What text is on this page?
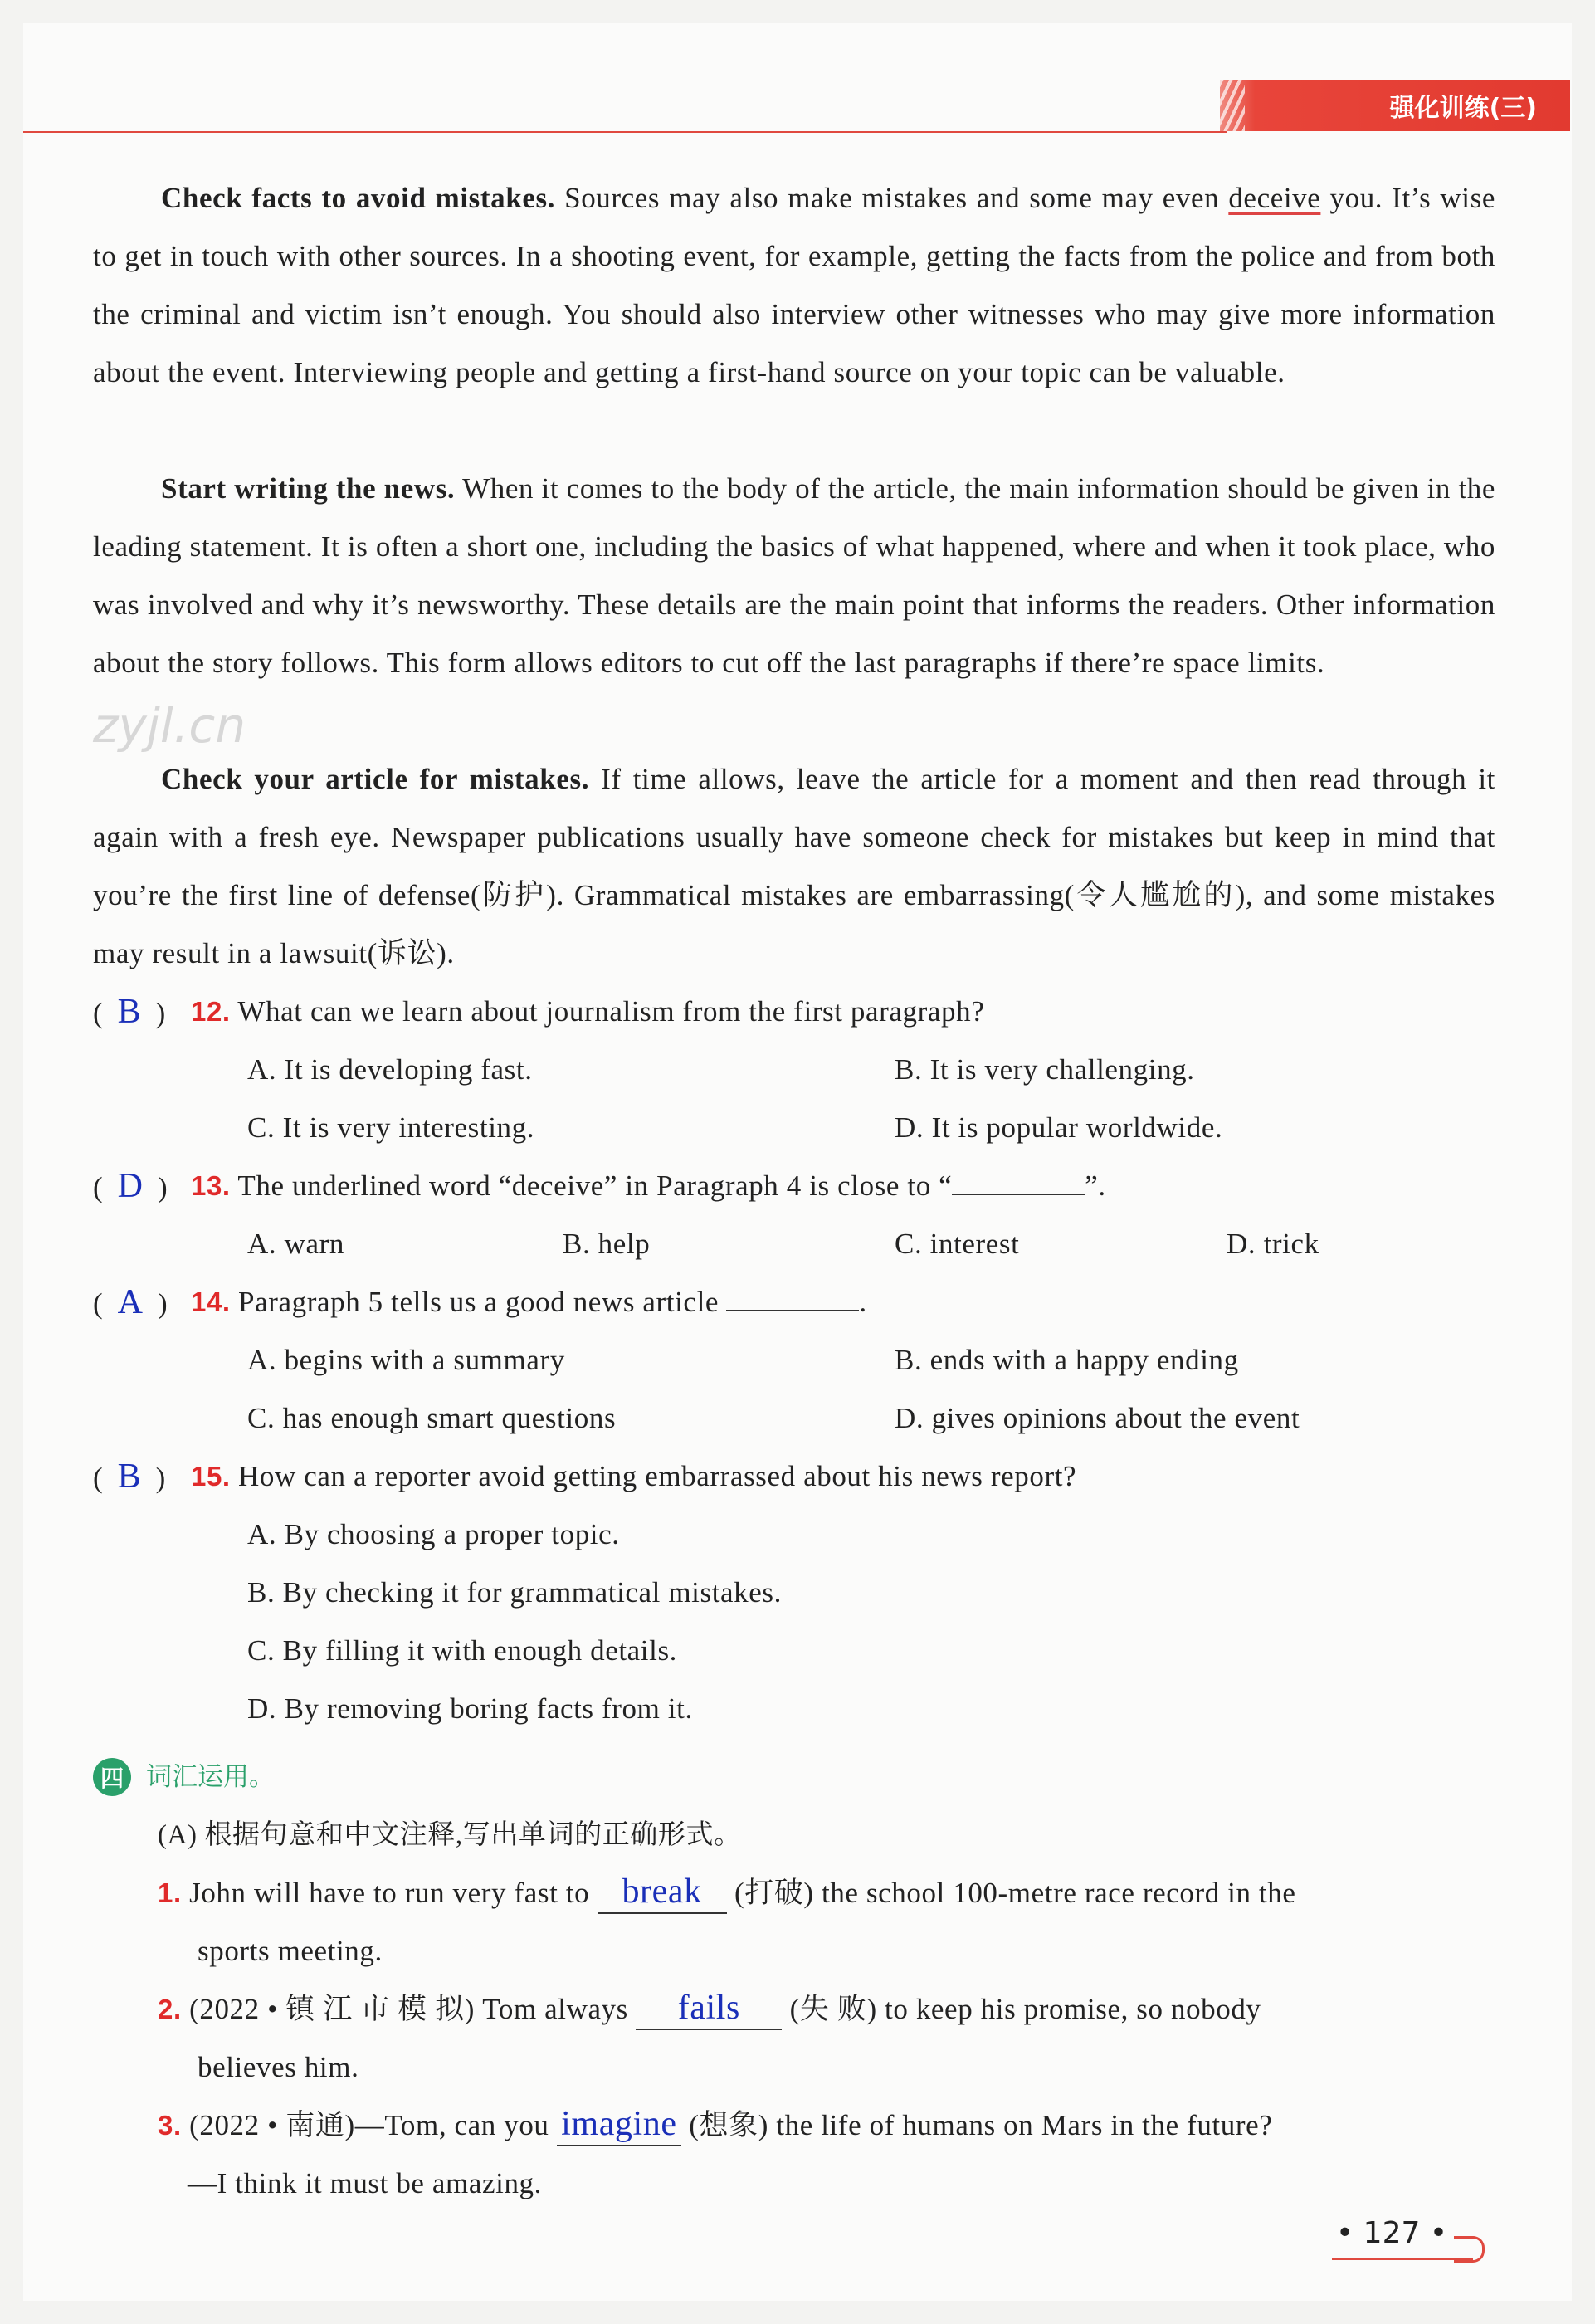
强化训练(三)
Check facts to avoid mistakes. Sources may also make mistakes and some may even deceive you. It’s wise to get in touch with other sources. In a shooting event, for example, getting the facts from the police and from both the criminal and victim isn’t enough. You should also interview other witnesses who may give more information about the event. Interviewing people and getting a first-hand source on your topic can be valuable.
Start writing the news. When it comes to the body of the article, the main information should be given in the leading statement. It is often a short one, including the basics of what happened, where and when it took place, who was involved and why it’s newsworthy. These details are the main point that informs the readers. Other information about the story follows. This form allows editors to cut off the last paragraphs if there’re space limits.
zyjl.cn
Check your article for mistakes. If time allows, leave the article for a moment and then read through it again with a fresh eye. Newspaper publications usually have someone check for mistakes but keep in mind that you’re the first line of defense(防护). Grammatical mistakes are embarrassing(令人尴尬的), and some mistakes may result in a lawsuit(诉讼).
( B ) 12. What can we learn about journalism from the first paragraph?
A. It is developing fast.	B. It is very challenging.
C. It is very interesting.	D. It is popular worldwide.
( D ) 13. The underlined word “deceive” in Paragraph 4 is close to “	”.
A. warn	B. help	C. interest	D. trick
( A ) 14. Paragraph 5 tells us a good news article	.
A. begins with a summary	B. ends with a happy ending
C. has enough smart questions	D. gives opinions about the event
( B ) 15. How can a reporter avoid getting embarrassed about his news report?
A. By choosing a proper topic.
B. By checking it for grammatical mistakes.
C. By filling it with enough details.
D. By removing boring facts from it.
四 词汇运用。
(A) 根据句意和中文注释,写出单词的正确形式。
1. John will have to run very fast to break (打破) the school 100-metre race record in the
sports meeting.
2. (2022 • 镇 江 市 模 拟) Tom always fails (失 败) to keep his promise, so nobody
believes him.
3. (2022 • 南通)—Tom, can you imagine (想象) the life of humans on Mars in the future?
—I think it must be amazing.
• 127 •
